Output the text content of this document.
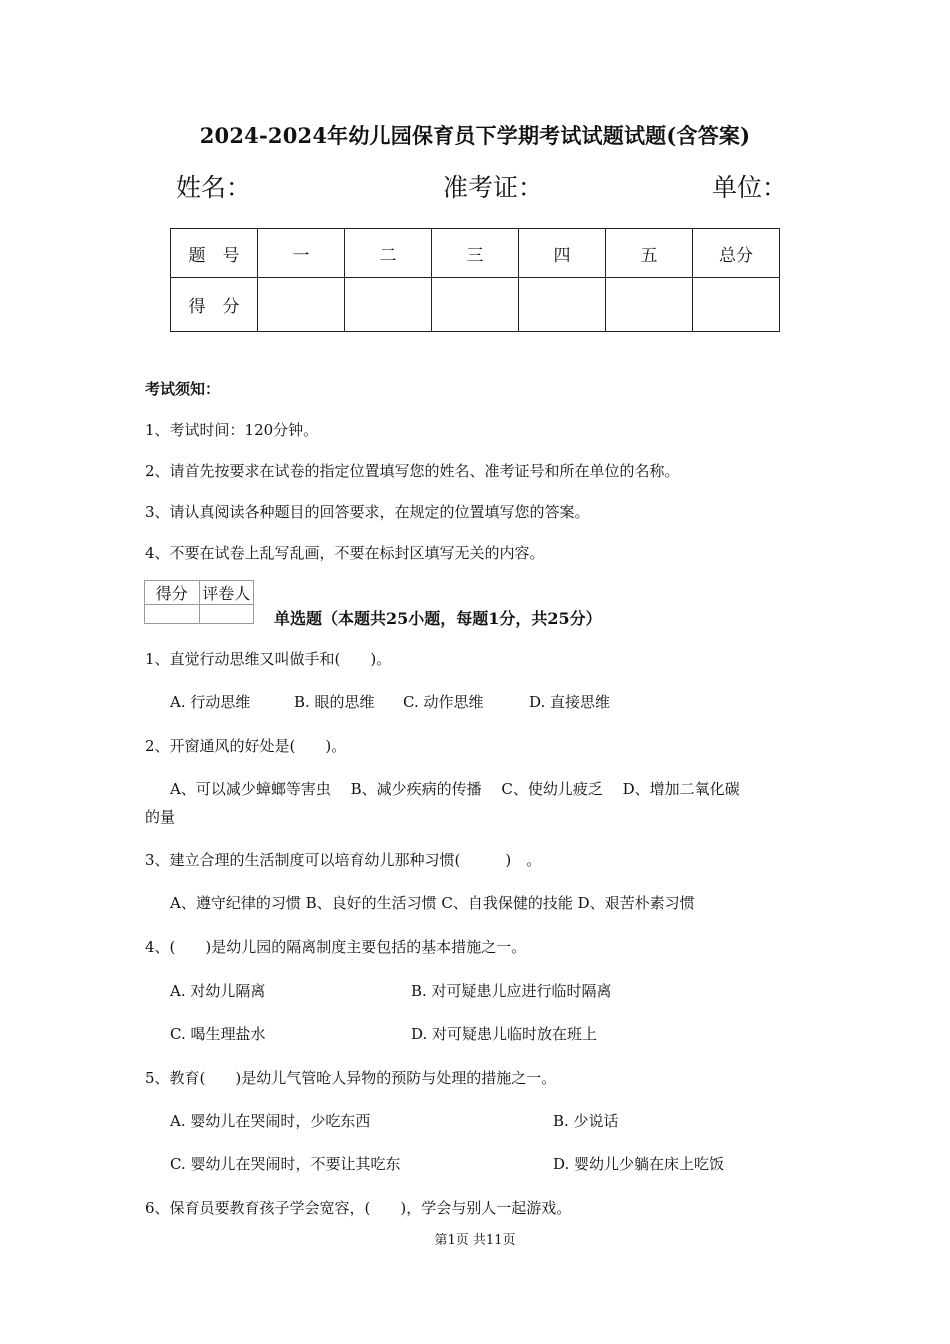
2024-2024年幼儿园保育员下学期考试试题试题(含答案)
姓名：	准考证：	单位：
题　号	一	二	三	四	五	总分
得　分						
考试须知：
1、考试时间：120分钟。
2、请首先按要求在试卷的指定位置填写您的姓名、准考证号和所在单位的名称。
3、请认真阅读各种题目的回答要求，在规定的位置填写您的答案。
4、不要在试卷上乱写乱画，不要在标封区填写无关的内容。
得分	评卷人

单选题（本题共25小题，每题1分，共25分）
1、直觉行动思维又叫做手和(　　)。
A. 行动思维	B. 眼的思维 C. 动作思维	D. 直接思维
2、开窗通风的好处是(　　)。
A、可以减少蟑螂等害虫　 B、减少疾病的传播　 C、使幼儿疲乏　 D、增加二氧化碳
的量
3、建立合理的生活制度可以培育幼儿那种习惯(　　　)　。
A、遵守纪律的习惯 B、良好的生活习惯 C、自我保健的技能 D、艰苦朴素习惯
4、(　　)是幼儿园的隔离制度主要包括的基本措施之一。
A. 对幼儿隔离	B. 对可疑患儿应进行临时隔离
C. 喝生理盐水	D. 对可疑患儿临时放在班上
5、教育(　　)是幼儿气管呛人异物的预防与处理的措施之一。
A. 婴幼儿在哭闹时，少吃东西	B. 少说话
C. 婴幼儿在哭闹时，不要让其吃东	D. 婴幼儿少躺在床上吃饭
6、保育员要教育孩子学会宽容，(　　)，学会与别人一起游戏。
第1页 共11页
